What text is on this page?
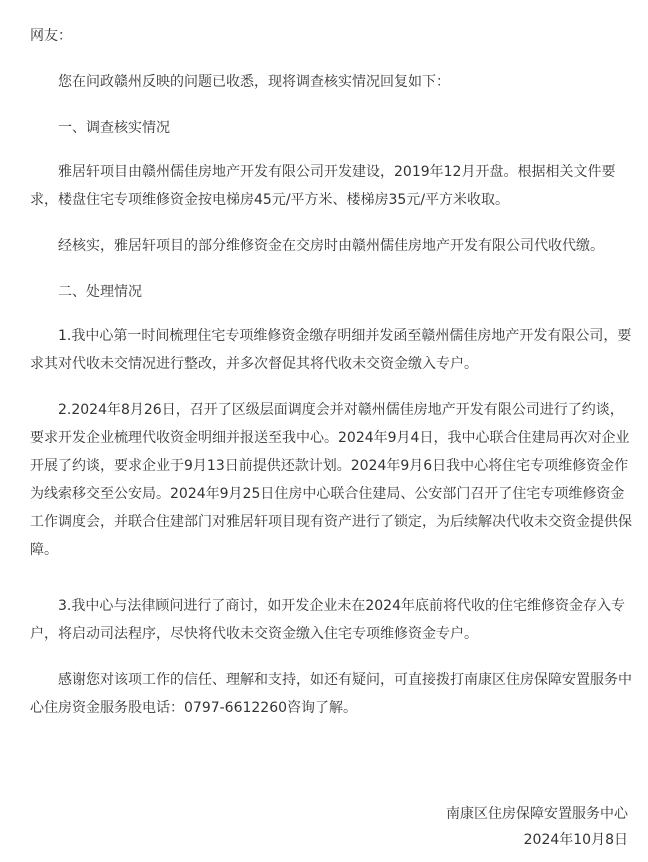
网友：

您在问政赣州反映的问题已收悉，现将调查核实情况回复如下：

一、调查核实情况

雅居轩项目由赣州儒佳房地产开发有限公司开发建设，2019年12月开盘。根据相关文件要求，楼盘住宅专项维修资金按电梯房45元/平方米、楼梯房35元/平方米收取。

经核实，雅居轩项目的部分维修资金在交房时由赣州儒佳房地产开发有限公司代收代缴。

二、处理情况

1.我中心第一时间梳理住宅专项维修资金缴存明细并发函至赣州儒佳房地产开发有限公司，要求其对代收未交情况进行整改，并多次督促其将代收未交资金缴入专户。

2.2024年8月26日，召开了区级层面调度会并对赣州儒佳房地产开发有限公司进行了约谈，要求开发企业梳理代收资金明细并报送至我中心。2024年9月4日，我中心联合住建局再次对企业开展了约谈，要求企业于9月13日前提供还款计划。2024年9月6日我中心将住宅专项维修资金作为线索移交至公安局。2024年9月25日住房中心联合住建局、公安部门召开了住宅专项维修资金工作调度会，并联合住建部门对雅居轩项目现有资产进行了锁定，为后续解决代收未交资金提供保障。

3.我中心与法律顾问进行了商讨，如开发企业未在2024年底前将代收的住宅维修资金存入专户，将启动司法程序，尽快将代收未交资金缴入住宅专项维修资金专户。

感谢您对该项工作的信任、理解和支持，如还有疑问，可直接拨打南康区住房保障安置服务中心住房资金服务股电话：0797-6612260咨询了解。

南康区住房保障安置服务中心

2024年10月8日
